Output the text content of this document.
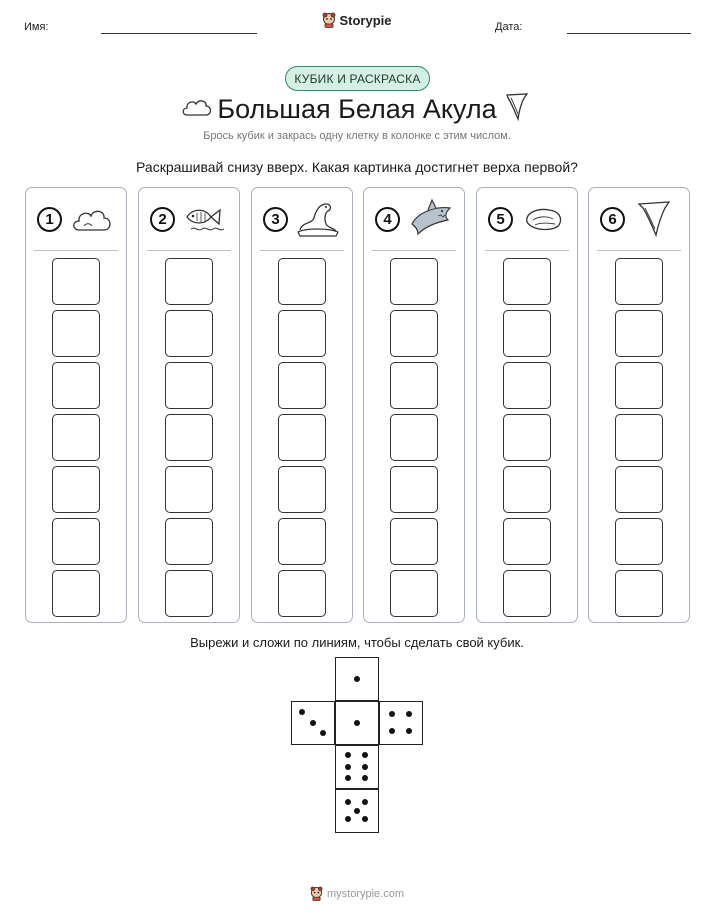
Имя:	Дата:
Storypie
КУБИК И РАСКРАСКА
Большая Белая Акула
Брось кубик и закрась одну клетку в колонке с этим числом.
Раскрашивай снизу вверх. Какая картинка достигнет верха первой?
1	2	3	4	5	6
Вырежи и сложи по линиям, чтобы сделать свой кубик.
mystorypie.com
